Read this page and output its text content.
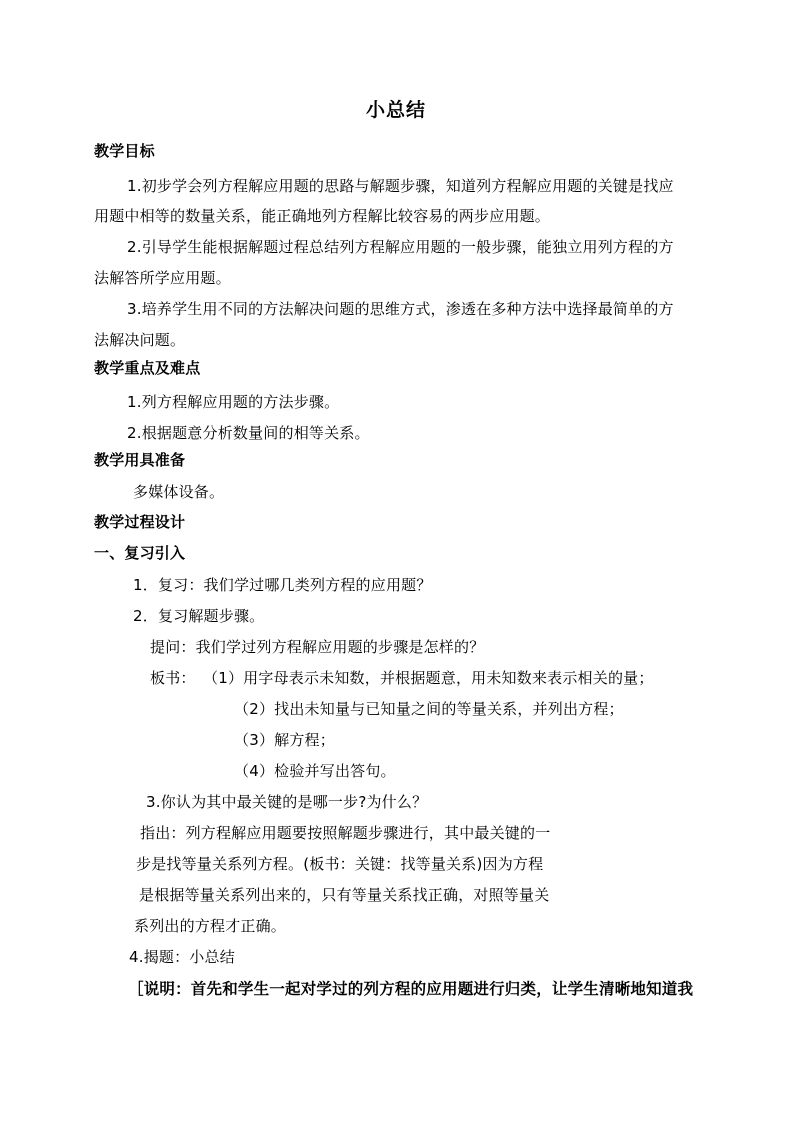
小总结
教学目标
1.初步学会列方程解应用题的思路与解题步骤，知道列方程解应用题的关键是找应
用题中相等的数量关系，能正确地列方程解比较容易的两步应用题。
2.引导学生能根据解题过程总结列方程解应用题的一般步骤，能独立用列方程的方
法解答所学应用题。
3.培养学生用不同的方法解决问题的思维方式，渗透在多种方法中选择最简单的方
法解决问题。
教学重点及难点
1.列方程解应用题的方法步骤。
2.根据题意分析数量间的相等关系。
教学用具准备
多媒体设备。
教学过程设计
一、复习引入
1．复习：我们学过哪几类列方程的应用题？
2．复习解题步骤。
提问：我们学过列方程解应用题的步骤是怎样的？
板书： （1）用字母表示未知数，并根据题意，用未知数来表示相关的量；
（2）找出未知量与已知量之间的等量关系，并列出方程；
（3）解方程；
（4）检验并写出答句。
3.你认为其中最关键的是哪一步?为什么？
指出：列方程解应用题要按照解题步骤进行，其中最关键的一
步是找等量关系列方程。(板书：关键：找等量关系)因为方程
是根据等量关系列出来的，只有等量关系找正确，对照等量关
系列出的方程才正确。
4.揭题：小总结
［说明：首先和学生一起对学过的列方程的应用题进行归类，让学生清晰地知道我
